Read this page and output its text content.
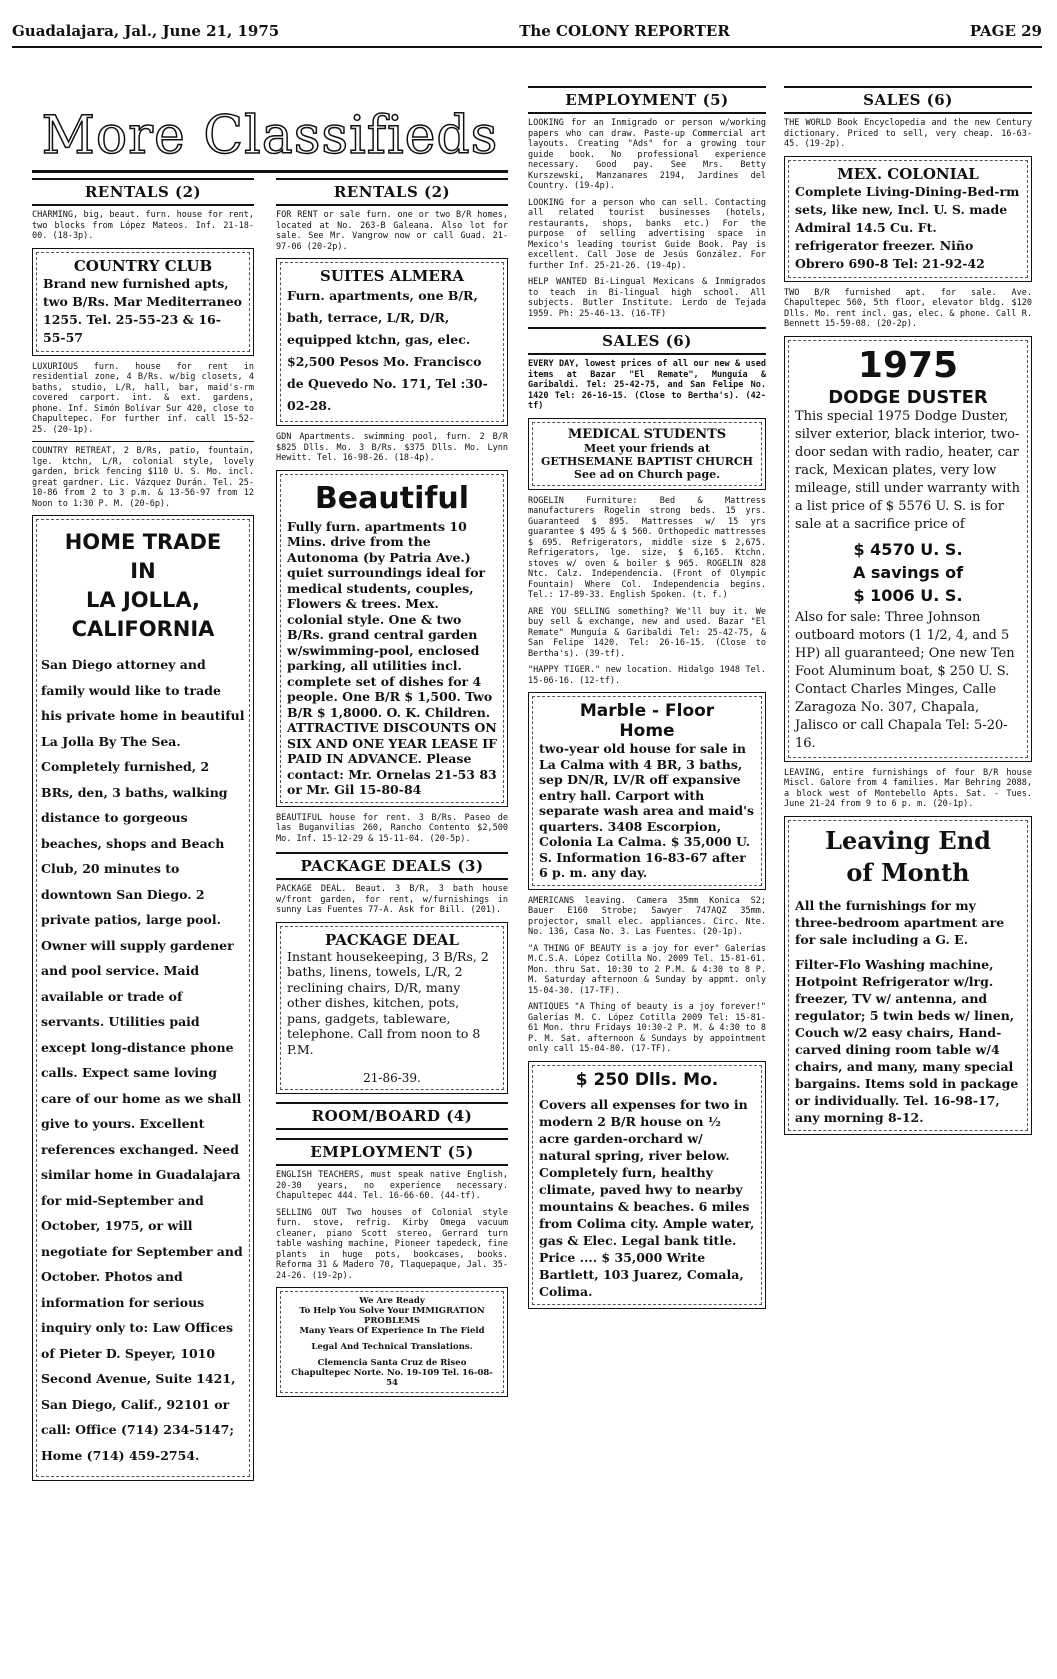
Guadalajara, Jal., June 21, 1975	The COLONY REPORTER	PAGE 29
More Classifieds
RENTALS (2)
CHARMING, big, beaut. furn. house for rent, two blocks from López Mateos. Inf. 21-18-00. (18-3p).
COUNTRY CLUB
Brand new furnished apts, two B/Rs. Mar Mediterraneo 1255. Tel. 25-55-23 & 16-55-57
LUXURIOUS furn. house for rent in residential zone, 4 B/Rs. w/big closets, 4 baths, studio, L/R, hall, bar, maid's-rm covered carport. int. & ext. gardens, phone. Inf. Simón Bolívar Sur 420, close to Chapultepec. For further inf. call 15-52-25. (20-1p).
COUNTRY RETREAT, 2 B/Rs, patio, fountain, lge. ktchn, L/R, colonial style, lovely garden, brick fencing $110 U. S. Mo. incl. great gardner. Lic. Vázquez Durán. Tel. 25-10-86 from 2 to 3 p.m. & 13-56-97 from 12 Noon to 1:30 P. M. (20-6p).
HOME TRADE
IN
LA JOLLA,
CALIFORNIA
San Diego attorney and family would like to trade his private home in beautiful La Jolla By The Sea. Completely furnished, 2 BRs, den, 3 baths, walking distance to gorgeous beaches, shops and Beach Club, 20 minutes to downtown San Diego. 2 private patios, large pool. Owner will supply gardener and pool service. Maid available or trade of servants. Utilities paid except long-distance phone calls. Expect same loving care of our home as we shall give to yours. Excellent references exchanged. Need similar home in Guadalajara for mid-September and October, 1975, or will negotiate for September and October. Photos and information for serious inquiry only to: Law Offices of Pieter D. Speyer, 1010 Second Avenue, Suite 1421, San Diego, Calif., 92101 or call: Office (714) 234-5147; Home (714) 459-2754.
RENTALS (2)
FOR RENT or sale furn. one or two B/R homes, located at No. 263-B Galeana. Also lot for sale. See Mr. Vangrow now or call Guad. 21-97-06 (20-2p).
SUITES ALMERA
Furn. apartments, one B/R, bath, terrace, L/R, D/R, equipped ktchn, gas, elec. $2,500 Pesos Mo. Francisco de Quevedo No. 171, Tel :30-02-28.
GDN Apartments. swimming pool, furn. 2 B/R $825 Dlls. Mo. 3 B/Rs. $375 Dlls. Mo. Lynn Hewitt. Tel. 16-98-26. (18-4p).
Beautiful
Fully furn. apartments 10 Mins. drive from the Autonoma (by Patria Ave.) quiet surroundings ideal for medical students, couples, Flowers & trees. Mex. colonial style. One & two B/Rs. grand central garden w/swimming-pool, enclosed parking, all utilities incl. complete set of dishes for 4 people. One B/R $ 1,500. Two B/R $ 1,8000. O. K. Children. ATTRACTIVE DISCOUNTS ON SIX AND ONE YEAR LEASE IF PAID IN ADVANCE. Please contact: Mr. Ornelas 21-53 83 or Mr. Gil 15-80-84
BEAUTIFUL house for rent. 3 B/Rs. Paseo de las Buganvilias 260, Rancho Contento $2,500 Mo. Inf. 15-12-29 & 15-11-04. (20-5p).
PACKAGE DEALS (3)
PACKAGE DEAL. Beaut. 3 B/R, 3 bath house w/front garden, for rent, w/furnishings in sunny Las Fuentes 77-A. Ask for Bill. (201).
PACKAGE DEAL
Instant housekeeping, 3 B/Rs, 2 baths, linens, towels, L/R, 2 reclining chairs, D/R, many other dishes, kitchen, pots, pans, gadgets, tableware, telephone. Call from noon to 8 P.M.
21-86-39.
ROOM/BOARD (4)
EMPLOYMENT (5)
ENGLISH TEACHERS, must speak native English, 20-30 years, no experience necessary. Chapultepec 444. Tel. 16-66-60. (44-tf).
SELLING OUT Two houses of Colonial style furn. stove, refrig. Kirby Omega vacuum cleaner, piano Scott stereo, Gerrard turn table washing machine, Pioneer tapedeck, fine plants in huge pots, bookcases, books. Reforma 31 & Madero 70, Tlaquepaque, Jal. 35-24-26. (19-2p).
We Are Ready
To Help You Solve Your IMMIGRATION PROBLEMS
Many Years Of Experience In The Field
Legal And Technical Translations.
Clemencia Santa Cruz de Riseo Chapultepec Norte. No. 19-109 Tel. 16-08-54
EMPLOYMENT (5)
LOOKING for an Inmigrado or person w/working papers who can draw. Paste-up Commercial art layouts. Creating "Ads" for a growing tour guide book. No professional experience necessary. Good pay. See Mrs. Betty Kurszewski, Manzanares 2194, Jardines del Country. (19-4p).
LOOKING for a person who can sell. Contacting all related tourist businesses (hotels, restaurants, shops, banks etc.) For the purpose of selling advertising space in Mexico's leading tourist Guide Book. Pay is excellent. Call Jose de Jesús González. For further Inf. 25-21-26. (19-4p).
HELP WANTED Bi-Lingual Mexicans & Inmigrados to teach in Bi-lingual high school. All subjects. Butler Institute. Lerdo de Tejada 1959. Ph: 25-46-13. (16-TF)
SALES (6)
EVERY DAY, lowest prices of all our new & used items at Bazar "El Remate", Munguía & Garibaldi. Tel: 25-42-75, and San Felipe No. 1420 Tel: 26-16-15. (Close to Bertha's). (42-tf)
MEDICAL STUDENTS
Meet your friends at
GETHSEMANE BAPTIST CHURCH
See ad on Church page.
ROGELIN Furniture: Bed & Mattress manufacturers Rogelin strong beds. 15 yrs. Guaranteed $ 895. Mattresses w/ 15 yrs guarantee $ 495 & $ 560. Orthopedic mattresses $ 695. Refrigerators, middle size $ 2,675. Refrigerators, lge. size, $ 6,165. Ktchn. stoves w/ oven & boiler $ 965. ROGELIN 828 Ntc. Calz. Independencia. (Front of Olympic Fountain) Where Col. Independencia begins. Tel.: 17-89-33. English Spoken. (t. f.)
ARE YOU SELLING something? We'll buy it. We buy sell & exchange, new and used. Bazar "El Remate" Munguía & Garibaldi Tel: 25-42-75, & San Felipe 1420. Tel: 26-16-15. (Close to Bertha's). (39-tf).
"HAPPY TIGER." new location. Hidalgo 1948 Tel. 15-06-16. (12-tf).
Marble - Floor
Home
two-year old house for sale in La Calma with 4 BR, 3 baths, sep DN/R, LV/R off expansive entry hall. Carport with separate wash area and maid's quarters. 3408 Escorpion, Colonia La Calma. $ 35,000 U. S. Information 16-83-67 after 6 p. m. any day.
AMERICANS leaving. Camera 35mm Konica S2; Bauer E160 Strobe; Sawyer 747AQZ 35mm. projector, small elec. appliances. Circ. Nte. No. 136, Casa No. 3. Las Fuentes. (20-1p).
"A THING OF BEAUTY is a joy for ever" Galerías M.C.S.A. López Cotilla No. 2009 Tel. 15-81-61. Mon. thru Sat. 10:30 to 2 P.M. & 4:30 to 8 P. M. Saturday afternoon & Sunday by appmt. only 15-04-30. (17-TF).
ANTIQUES "A Thing of beauty is a joy forever!" Galerías M. C. López Cotilla 2009 Tel: 15-81-61 Mon. thru Fridays 10:30-2 P. M. & 4:30 to 8 P. M. Sat. afternoon & Sundays by appointment only call 15-04-80. (17-TF).
$ 250 Dlls. Mo.
Covers all expenses for two in modern 2 B/R house on ½ acre garden-orchard w/ natural spring, river below. Completely furn, healthy climate, paved hwy to nearby mountains & beaches. 6 miles from Colima city. Ample water, gas & Elec. Legal bank title. Price .... $ 35,000 Write Bartlett, 103 Juarez, Comala, Colima.
SALES (6)
THE WORLD Book Encyclopedia and the new Century dictionary. Priced to sell, very cheap. 16-63-45. (19-2p).
MEX. COLONIAL
Complete Living-Dining-Bed-rm sets, like new, Incl. U. S. made Admiral 14.5 Cu. Ft. refrigerator freezer. Niño Obrero 690-8 Tel: 21-92-42
TWO B/R furnished apt. for sale. Ave. Chapultepec 560, 5th floor, elevator bldg. $120 Dlls. Mo. rent incl. gas, elec. & phone. Call R. Bennett 15-59-08. (20-2p).
1975
DODGE DUSTER
This special 1975 Dodge Duster, silver exterior, black interior, two-door sedan with radio, heater, car rack, Mexican plates, very low mileage, still under warranty with a list price of $ 5576 U. S. is for sale at a sacrifice price of
$ 4570 U. S.
A savings of
$ 1006 U. S.
Also for sale: Three Johnson outboard motors (1 1/2, 4, and 5 HP) all guaranteed; One new Ten Foot Aluminum boat, $ 250 U. S. Contact Charles Minges, Calle Zaragoza No. 307, Chapala, Jalisco or call Chapala Tel: 5-20-16.
LEAVING, entire furnishings of four B/R house Miscl. Galore from 4 families. Mar Behring 2088, a block west of Montebello Apts. Sat. - Tues. June 21-24 from 9 to 6 p. m. (20-1p).
Leaving End
of Month
All the furnishings for my three-bedroom apartment are for sale including a G. E.
Filter-Flo Washing machine, Hotpoint Refrigerator w/lrg. freezer, TV w/ antenna, and regulator; 5 twin beds w/ linen, Couch w/2 easy chairs, Hand-carved dining room table w/4 chairs, and many, many special bargains. Items sold in package or individually. Tel. 16-98-17, any morning 8-12.
